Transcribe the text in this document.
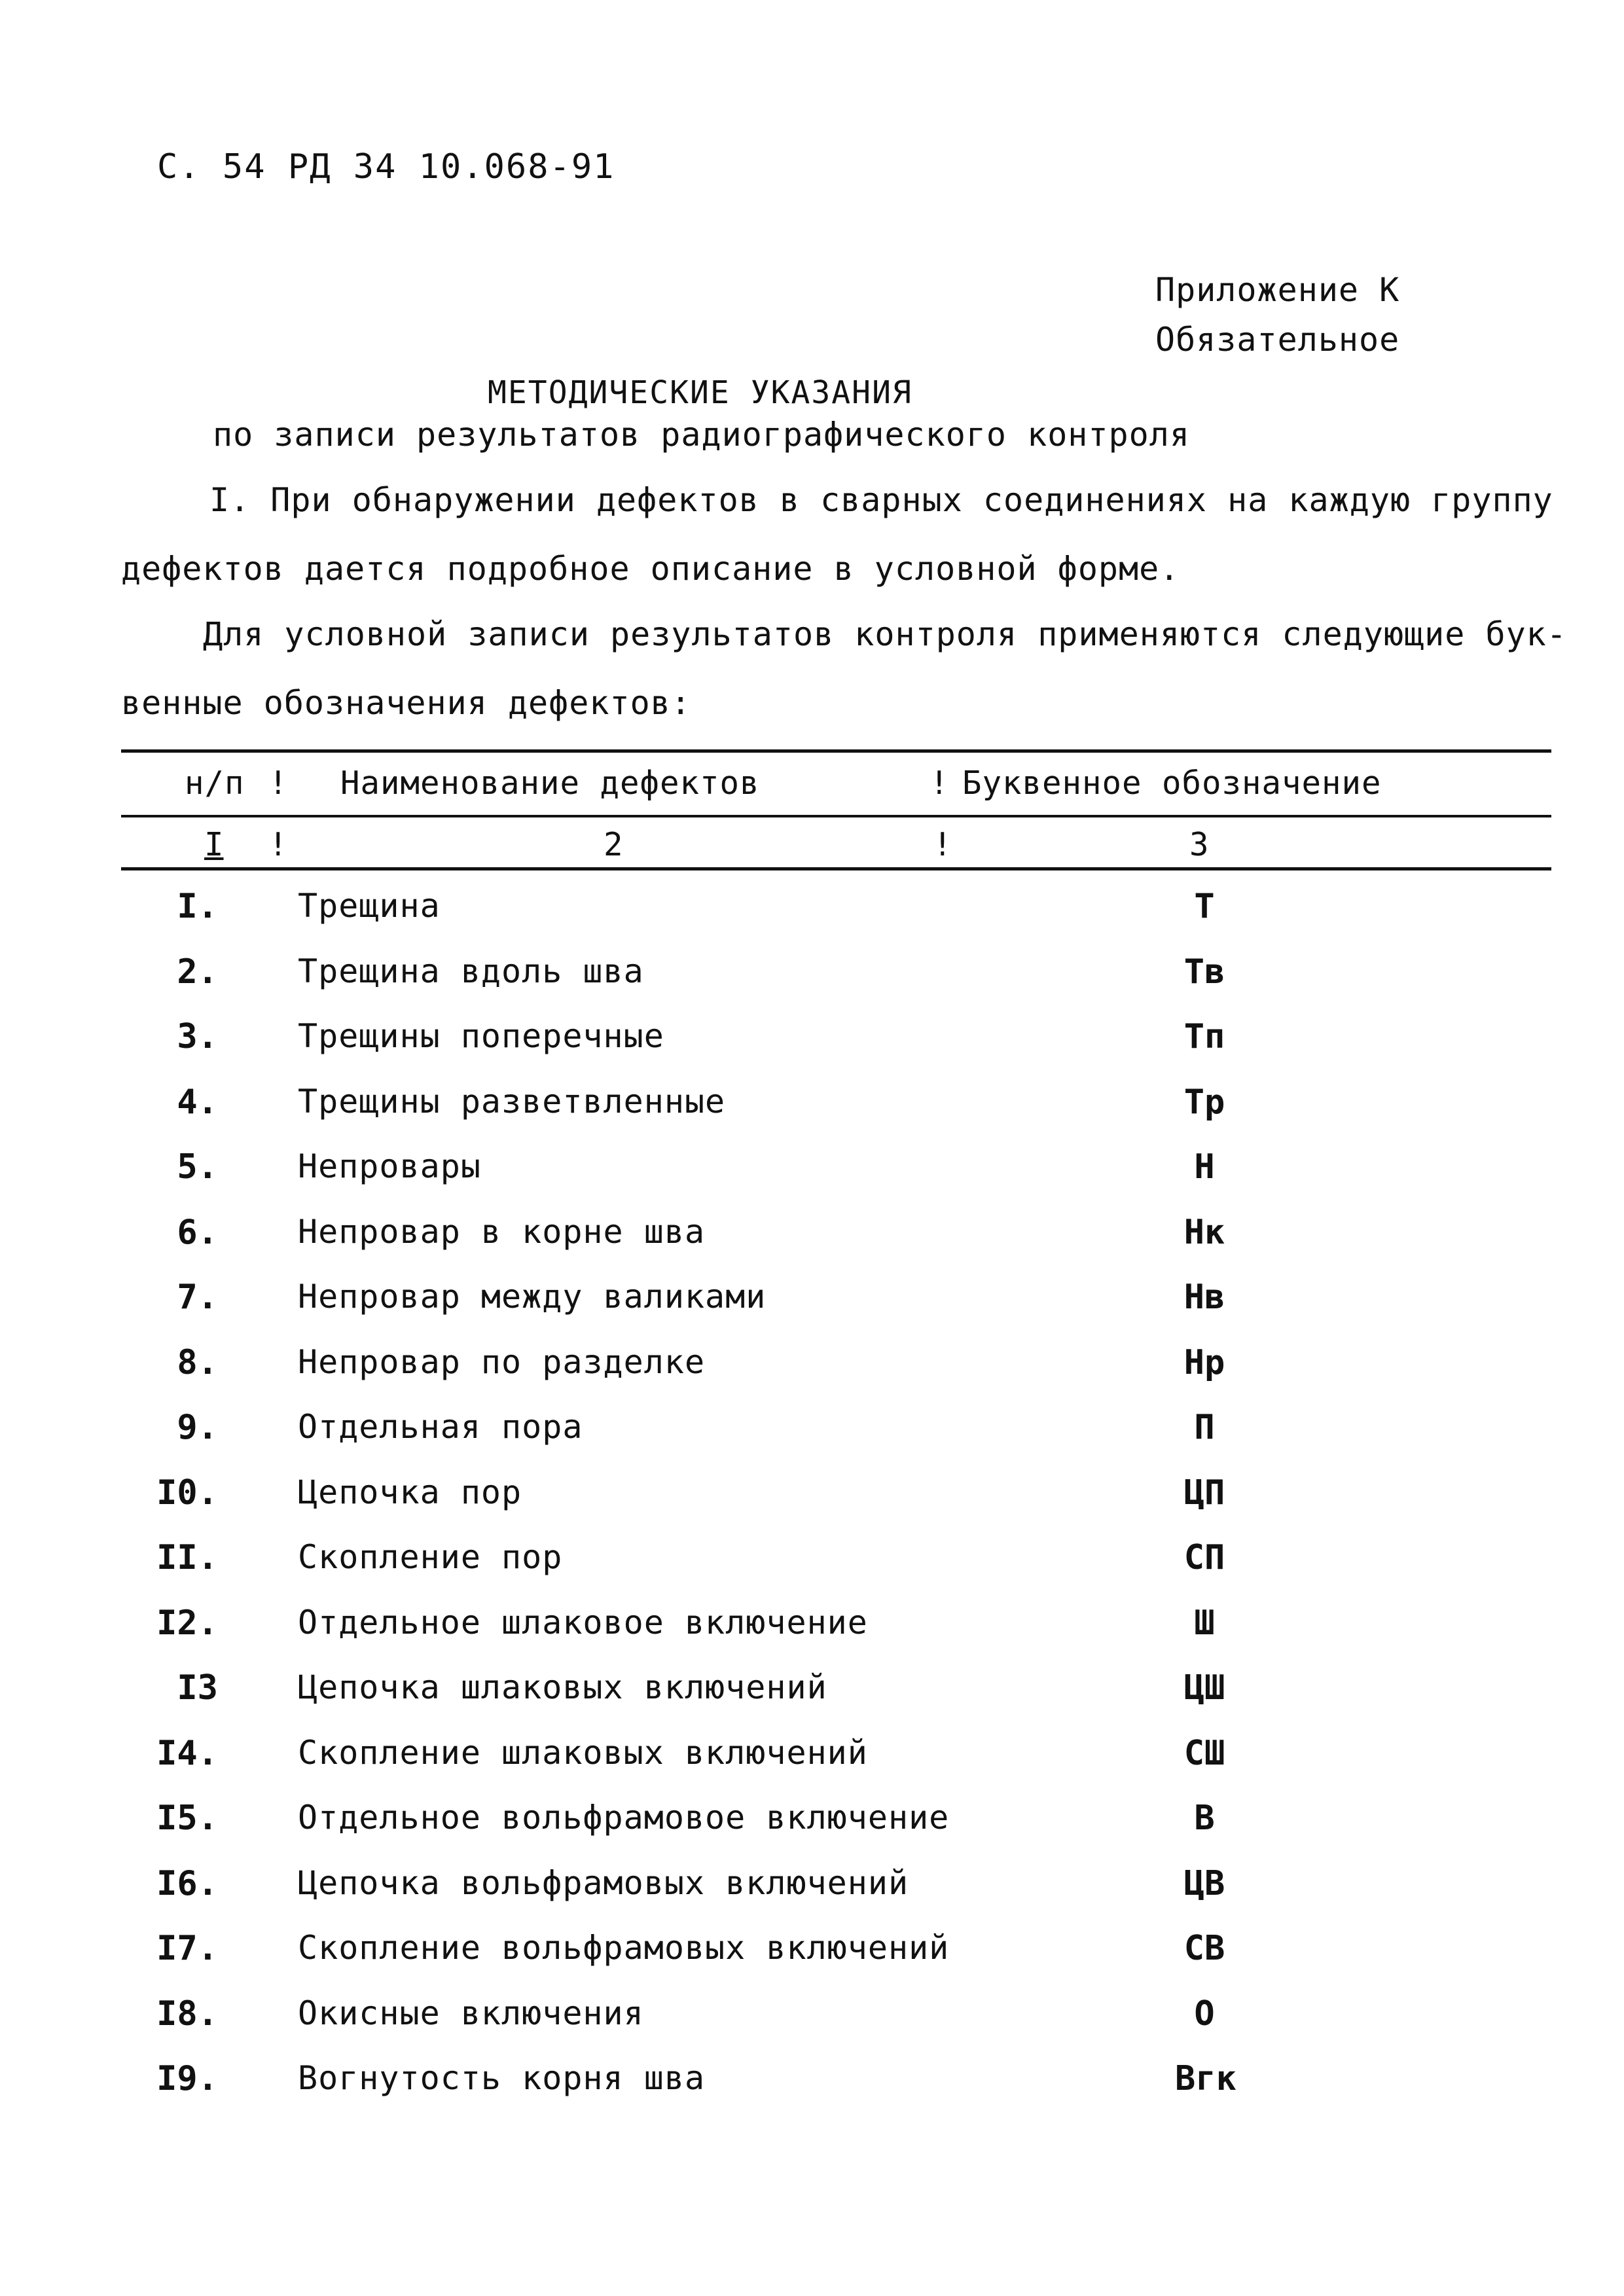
С. 54 РД 34 10.068-91
Приложение К
Обязательное
МЕТОДИЧЕСКИЕ УКАЗАНИЯ
по записи результатов радиографического контроля
I. При обнаружении дефектов в сварных соединениях на каждую группу
дефектов дается подробное описание в условной форме.
Для условной записи результатов контроля применяются следующие бук-
венные обозначения дефектов:
н/п ! Наименование дефектов	! Буквенное обозначение
I !	2	!	3
I. Трещина	Т
2. Трещина вдоль шва	Тв
3. Трещины поперечные	Тп
4. Трещины разветвленные	Тр
5. Непровары	Н
6. Непровар в корне шва	Нк
7. Непровар между валиками	Нв
8. Непровар по разделке	Нр
9. Отдельная пора	П
I0. Цепочка пор	ЦП
II. Скопление пор	СП
I2. Отдельное шлаковое включение	Ш
I3 Цепочка шлаковых включений	ЦШ
I4. Скопление шлаковых включений	СШ
I5. Отдельное вольфрамовое включение	В
I6. Цепочка вольфрамовых включений	ЦВ
I7. Скопление вольфрамовых включений	СВ
I8. Окисные включения	О
I9. Вогнутость корня шва	Вгк
